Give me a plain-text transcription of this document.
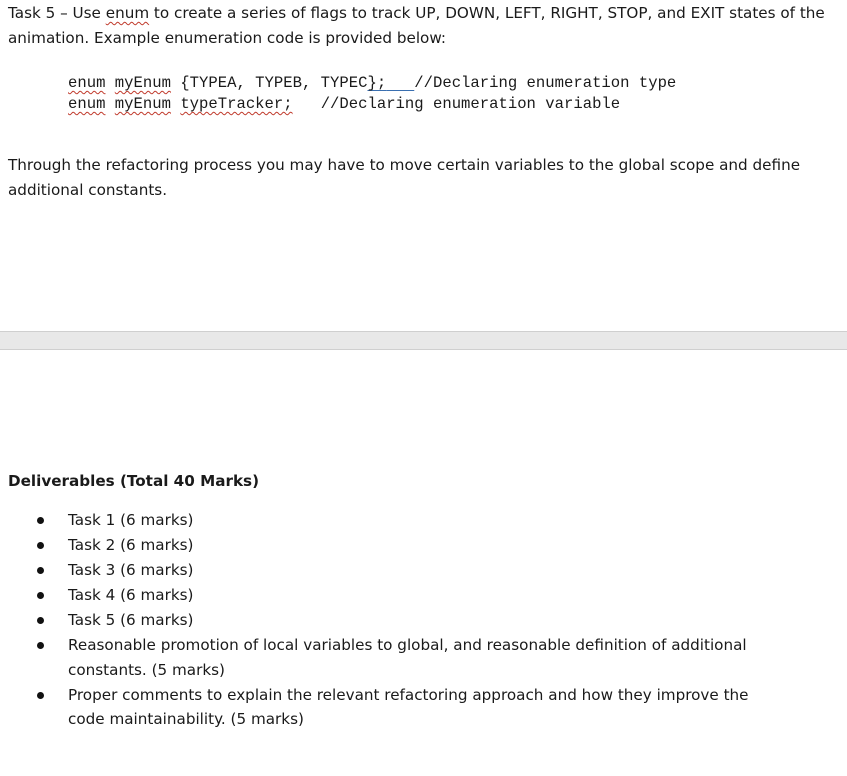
Task 5 – Use enum to create a series of flags to track UP, DOWN, LEFT, RIGHT, STOP, and EXIT states of the animation. Example enumeration code is provided below:

enum myEnum {TYPEA, TYPEB, TYPEC}; //Declaring enumeration type
enum myEnum typeTracker; //Declaring enumeration variable

Through the refactoring process you may have to move certain variables to the global scope and define additional constants.

Deliverables (Total 40 Marks)

Task 1 (6 marks)
Task 2 (6 marks)
Task 3 (6 marks)
Task 4 (6 marks)
Task 5 (6 marks)
Reasonable promotion of local variables to global, and reasonable definition of additional constants. (5 marks)
Proper comments to explain the relevant refactoring approach and how they improve the code maintainability. (5 marks)
